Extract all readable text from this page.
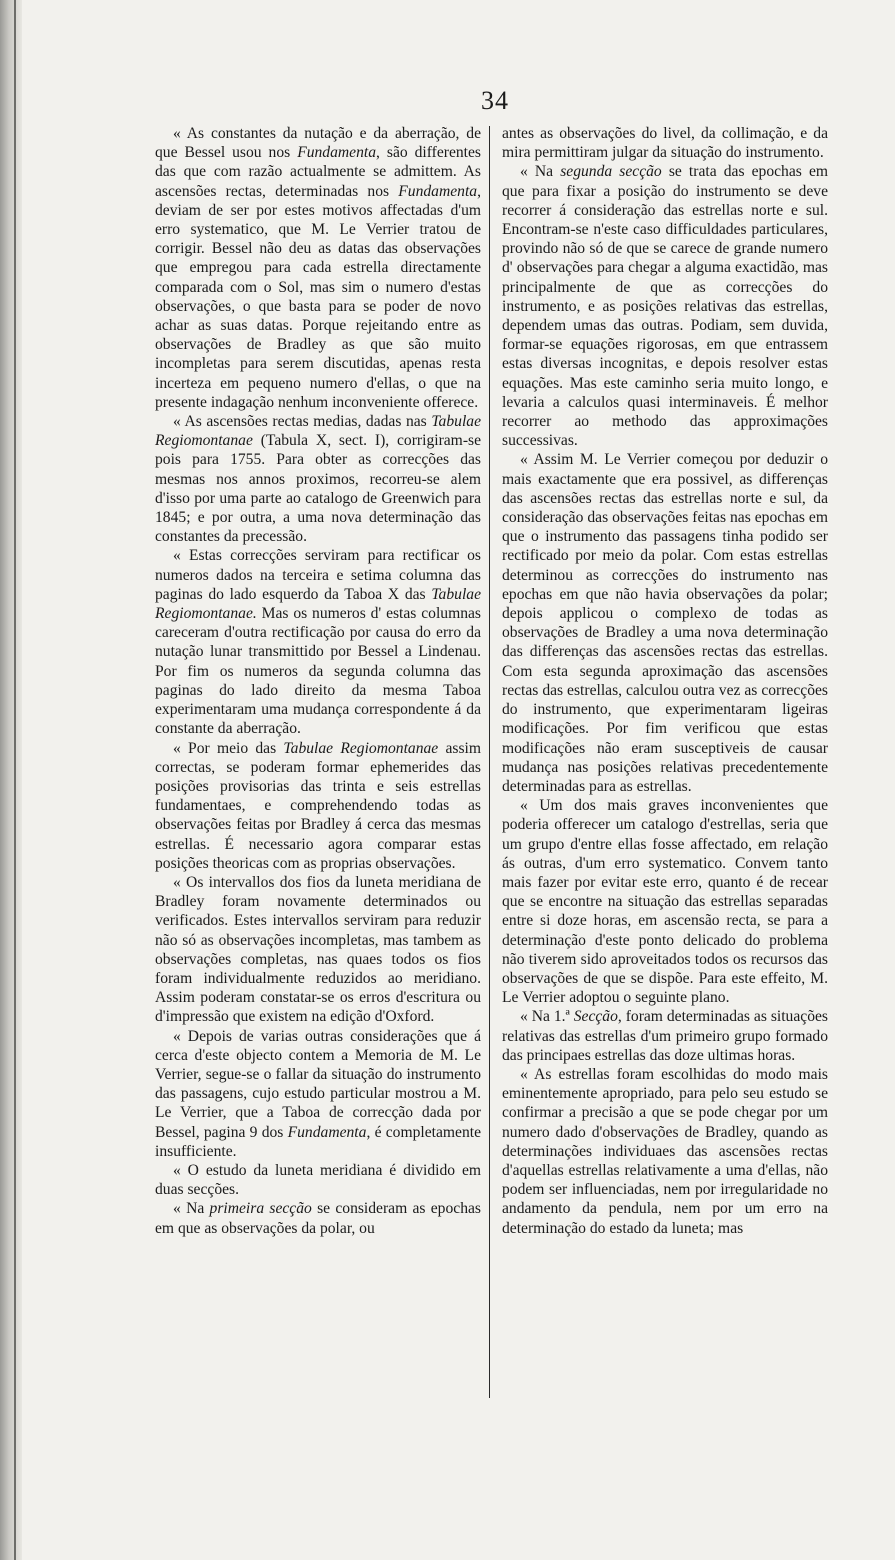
34

« As constantes da nutação e da aberração, de que Bessel usou nos Fundamenta, são differentes das que com razão actualmente se admittem. As ascensões rectas, determinadas nos Fundamenta, deviam de ser por estes motivos affectadas d'um erro systematico, que M. Le Verrier tratou de corrigir. Bessel não deu as datas das observações que empregou para cada estrella directamente comparada com o Sol, mas sim o numero d'estas observações, o que basta para se poder de novo achar as suas datas. Porque rejeitando entre as observações de Bradley as que são muito incompletas para serem discutidas, apenas resta incerteza em pequeno numero d'ellas, o que na presente indagação nenhum inconveniente offerece.

« As ascensões rectas medias, dadas nas Tabulae Regiomontanae (Tabula X, sect. I), corrigiram-se pois para 1755. Para obter as correcções das mesmas nos annos proximos, recorreu-se alem d'isso por uma parte ao catalogo de Greenwich para 1845; e por outra, a uma nova determinação das constantes da precessão.

« Estas correcções serviram para rectificar os numeros dados na terceira e setima columna das paginas do lado esquerdo da Taboa X das Tabulae Regiomontanae. Mas os numeros d' estas columnas careceram d'outra rectificação por causa do erro da nutação lunar transmittido por Bessel a Lindenau. Por fim os numeros da segunda columna das paginas do lado direito da mesma Taboa experimentaram uma mudança correspondente á da constante da aberração.

« Por meio das Tabulae Regiomontanae assim correctas, se poderam formar ephemerides das posições provisorias das trinta e seis estrellas fundamentaes, e comprehendendo todas as observações feitas por Bradley á cerca das mesmas estrellas. É necessario agora comparar estas posições theoricas com as proprias observações.

« Os intervallos dos fios da luneta meridiana de Bradley foram novamente determinados ou verificados. Estes intervallos serviram para reduzir não só as observações incompletas, mas tambem as observações completas, nas quaes todos os fios foram individualmente reduzidos ao meridiano. Assim poderam constatar-se os erros d'escritura ou d'impressão que existem na edição d'Oxford.

« Depois de varias outras considerações que á cerca d'este objecto contem a Memoria de M. Le Verrier, segue-se o fallar da situação do instrumento das passagens, cujo estudo particular mostrou a M. Le Verrier, que a Taboa de correcção dada por Bessel, pagina 9 dos Fundamenta, é completamente insufficiente.

« O estudo da luneta meridiana é dividido em duas secções.

« Na primeira secção se consideram as epochas em que as observações da polar, ou

antes as observações do livel, da collimação, e da mira permittiram julgar da situação do instrumento.

« Na segunda secção se trata das epochas em que para fixar a posição do instrumento se deve recorrer á consideração das estrellas norte e sul. Encontram-se n'este caso difficuldades particulares, provindo não só de que se carece de grande numero d' observações para chegar a alguma exactidão, mas principalmente de que as correcções do instrumento, e as posições relativas das estrellas, dependem umas das outras. Podiam, sem duvida, formar-se equações rigorosas, em que entrassem estas diversas incognitas, e depois resolver estas equações. Mas este caminho seria muito longo, e levaria a calculos quasi interminaveis. É melhor recorrer ao methodo das approximações successivas.

« Assim M. Le Verrier começou por deduzir o mais exactamente que era possivel, as differenças das ascensões rectas das estrellas norte e sul, da consideração das observações feitas nas epochas em que o instrumento das passagens tinha podido ser rectificado por meio da polar. Com estas estrellas determinou as correcções do instrumento nas epochas em que não havia observações da polar; depois applicou o complexo de todas as observações de Bradley a uma nova determinação das differenças das ascensões rectas das estrellas. Com esta segunda aproximação das ascensões rectas das estrellas, calculou outra vez as correcções do instrumento, que experimentaram ligeiras modificações. Por fim verificou que estas modificações não eram susceptiveis de causar mudança nas posições relativas precedentemente determinadas para as estrellas.

« Um dos mais graves inconvenientes que poderia offerecer um catalogo d'estrellas, seria que um grupo d'entre ellas fosse affectado, em relação ás outras, d'um erro systematico. Convem tanto mais fazer por evitar este erro, quanto é de recear que se encontre na situação das estrellas separadas entre si doze horas, em ascensão recta, se para a determinação d'este ponto delicado do problema não tiverem sido aproveitados todos os recursos das observações de que se dispõe. Para este effeito, M. Le Verrier adoptou o seguinte plano.

« Na 1.ª Secção, foram determinadas as situações relativas das estrellas d'um primeiro grupo formado das principaes estrellas das doze ultimas horas.

« As estrellas foram escolhidas do modo mais eminentemente apropriado, para pelo seu estudo se confirmar a precisão a que se pode chegar por um numero dado d'observações de Bradley, quando as determinações individuaes das ascensões rectas d'aquellas estrellas relativamente a uma d'ellas, não podem ser influenciadas, nem por irregularidade no andamento da pendula, nem por um erro na determinação do estado da luneta; mas
